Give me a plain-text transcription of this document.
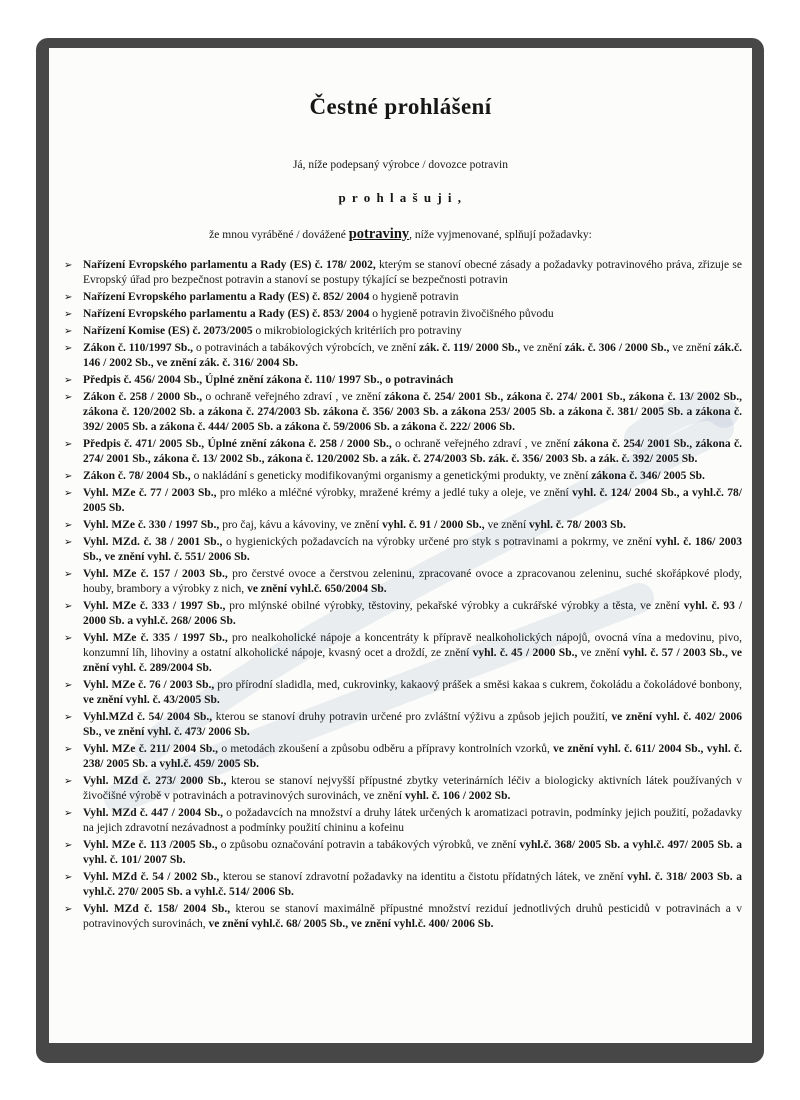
Čestné prohlášení
Já, níže podepsaný výrobce / dovozce potravin
p r o h l a š u j i ,
že mnou vyráběné / dovážené potraviny, níže vyjmenované, splňují požadavky:
➢ Nařízení Evropského parlamentu a Rady (ES) č. 178/ 2002, kterým se stanoví obecné zásady a požadavky potravinového práva, zřizuje se Evropský úřad pro bezpečnost potravin a stanoví se postupy týkající se bezpečnosti potravin
➢ Nařízení Evropského parlamentu a Rady (ES) č. 852/ 2004 o hygieně potravin
➢ Nařízení Evropského parlamentu a Rady (ES) č. 853/ 2004 o hygieně potravin živočišného původu
➢ Nařízení Komise (ES) č. 2073/2005 o mikrobiologických kritériích pro potraviny
➢ Zákon č. 110/1997 Sb., o potravinách a tabákových výrobcích, ve znění zák. č. 119/ 2000 Sb., ve znění zák. č. 306 / 2000 Sb., ve znění zák.č. 146 / 2002 Sb., ve znění zák. č. 316/ 2004 Sb.
➢ Předpis č. 456/ 2004 Sb., Úplné znění zákona č. 110/ 1997 Sb., o potravinách
➢ Zákon č. 258 / 2000 Sb., o ochraně veřejného zdraví , ve znění zákona č. 254/ 2001 Sb., zákona č. 274/ 2001 Sb., zákona č. 13/ 2002 Sb., zákona č. 120/2002 Sb. a zákona č. 274/2003 Sb. zákona č. 356/ 2003 Sb. a zákona 253/ 2005 Sb. a zákona č. 381/ 2005 Sb. a zákona č. 392/ 2005 Sb. a zákona č. 444/ 2005 Sb. a zákona č. 59/2006 Sb. a zákona č. 222/ 2006 Sb.
➢ Předpis č. 471/ 2005 Sb., Úplné znění zákona č. 258 / 2000 Sb., o ochraně veřejného zdraví , ve znění zákona č. 254/ 2001 Sb., zákona č. 274/ 2001 Sb., zákona č. 13/ 2002 Sb., zákona č. 120/2002 Sb. a zák. č. 274/2003 Sb. zák. č. 356/ 2003 Sb. a zák. č. 392/ 2005 Sb.
➢ Zákon č. 78/ 2004 Sb., o nakládání s geneticky modifikovanými organismy a genetickými produkty, ve znění zákona č. 346/ 2005 Sb.
➢ Vyhl. MZe č. 77 / 2003 Sb., pro mléko a mléčné výrobky, mražené krémy a jedlé tuky a oleje, ve znění vyhl. č. 124/ 2004 Sb., a vyhl.č. 78/ 2005 Sb.
➢ Vyhl. MZe č. 330 / 1997 Sb., pro čaj, kávu a kávoviny, ve znění vyhl. č. 91 / 2000 Sb., ve znění vyhl. č. 78/ 2003 Sb.
➢ Vyhl. MZd. č. 38 / 2001 Sb., o hygienických požadavcích na výrobky určené pro styk s potravinami a pokrmy, ve znění vyhl. č. 186/ 2003 Sb., ve znění vyhl. č. 551/ 2006 Sb.
➢ Vyhl. MZe č. 157 / 2003 Sb., pro čerstvé ovoce a čerstvou zeleninu, zpracované ovoce a zpracovanou zeleninu, suché skořápkové plody, houby, brambory a výrobky z nich, ve znění vyhl.č. 650/2004 Sb.
➢ Vyhl. MZe č. 333 / 1997 Sb., pro mlýnské obilné výrobky, těstoviny, pekařské výrobky a cukrářské výrobky a těsta, ve znění vyhl. č. 93 / 2000 Sb. a vyhl.č. 268/ 2006 Sb.
➢ Vyhl. MZe č. 335 / 1997 Sb., pro nealkoholické nápoje a koncentráty k přípravě nealkoholických nápojů, ovocná vína a medovinu, pivo, konzumní líh, lihoviny a ostatní alkoholické nápoje, kvasný ocet a droždí, ze znění vyhl. č. 45 / 2000 Sb., ve znění vyhl. č. 57 / 2003 Sb., ve znění vyhl. č. 289/2004 Sb.
➢ Vyhl. MZe č. 76 / 2003 Sb., pro přírodní sladidla, med, cukrovinky, kakaový prášek a směsi kakaa s cukrem, čokoládu a čokoládové bonbony, ve znění vyhl. č. 43/2005 Sb.
➢ Vyhl.MZd č. 54/ 2004 Sb., kterou se stanoví druhy potravin určené pro zvláštní výživu a způsob jejich použití, ve znění vyhl. č. 402/ 2006 Sb., ve znění vyhl. č. 473/ 2006 Sb.
➢ Vyhl. MZe č. 211/ 2004 Sb., o metodách zkoušení a způsobu odběru a přípravy kontrolních vzorků, ve znění vyhl. č. 611/ 2004 Sb., vyhl. č. 238/ 2005 Sb. a vyhl.č. 459/ 2005 Sb.
➢ Vyhl. MZd č. 273/ 2000 Sb., kterou se stanoví nejvyšší přípustné zbytky veterinárních léčiv a biologicky aktivních látek používaných v živočišné výrobě v potravinách a potravinových surovinách, ve znění vyhl. č. 106 / 2002 Sb.
➢ Vyhl. MZd č. 447 / 2004 Sb., o požadavcích na množství a druhy látek určených k aromatizaci potravin, podmínky jejich použití, požadavky na jejich zdravotní nezávadnost a podmínky použití chininu a kofeinu
➢ Vyhl. MZe č. 113 /2005 Sb., o způsobu označování potravin a tabákových výrobků, ve znění vyhl.č. 368/ 2005 Sb. a vyhl.č. 497/ 2005 Sb. a vyhl. č. 101/ 2007 Sb.
➢ Vyhl. MZd č. 54 / 2002 Sb., kterou se stanoví zdravotní požadavky na identitu a čistotu přídatných látek, ve znění vyhl. č. 318/ 2003 Sb. a vyhl.č. 270/ 2005 Sb. a vyhl.č. 514/ 2006 Sb.
➢ Vyhl. MZd č. 158/ 2004 Sb., kterou se stanoví maximálně přípustné množství reziduí jednotlivých druhů pesticidů v potravinách a v potravinových surovinách, ve znění vyhl.č. 68/ 2005 Sb., ve znění vyhl.č. 400/ 2006 Sb.
